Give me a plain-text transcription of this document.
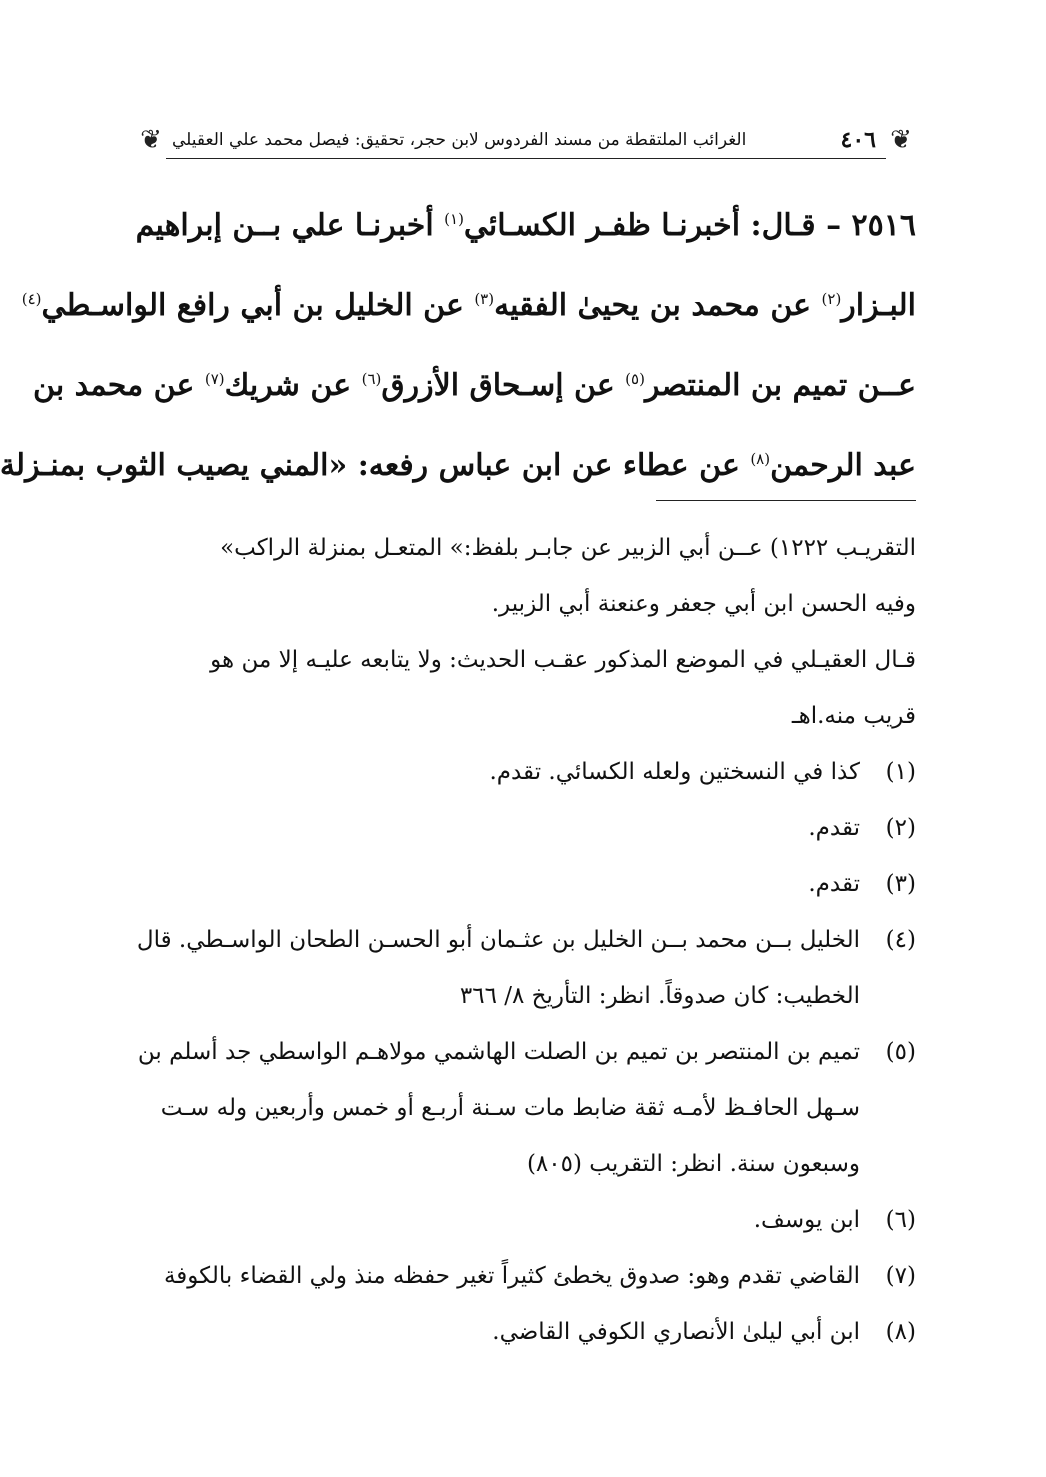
❦
٤٠٦
الغرائب الملتقطة من مسند الفردوس لابن حجر، تحقيق: فيصل محمد علي العقيلي
❦
٢٥١٦ – قـال: أخبرنـا ظفـر الكسـائي$^{(١)}$ أخبرنـا علي بــن إبراهيم
البـزار$^{(٢)}$ عن محمد بن يحيىٰ الفقيه$^{(٣)}$ عن الخليل بن أبي رافع الواسـطي$^{(٤)}$
عــن تميم بن المنتصر$^{(٥)}$ عن إسـحاق الأزرق$^{(٦)}$ عن شريك$^{(٧)}$ عن محمد بن
عبد الرحمن$^{(٨)}$ عن عطاء عن ابن عباس رفعه: «المني يصيب الثوب بمنـزلة
التقريـب ١٢٢٢) عــن أبي الزبير عن جابـر بلفظ:» المتعـل بمنزلة الراكب»
وفيه الحسن ابن أبي جعفر وعنعنة أبي الزبير.
قـال العقيـلي في الموضع المذكور عقـب الحديث: ولا يتابعه عليـه إلا من هو
قريب منه.اهـ
(١)
كذا في النسختين ولعله الكسائي. تقدم.
(٢)
تقدم.
(٣)
تقدم.
(٤)
الخليل بــن محمد بــن الخليل بن عثـمان أبو الحسـن الطحان الواسـطي. قال
الخطيب: كان صدوقاً. انظر: التأريخ ٨/ ٣٦٦
(٥)
تميم بن المنتصر بن تميم بن الصلت الهاشمي مولاهـم الواسطي جد أسلم بن
سـهل الحافـظ لأمـه ثقة ضابط مات سـنة أربـع أو خمس وأربعين وله سـت
وسبعون سنة. انظر: التقريب (٨٠٥)
(٦)
ابن يوسف.
(٧)
القاضي تقدم وهو: صدوق يخطئ كثيراً تغير حفظه منذ ولي القضاء بالكوفة
(٨)
ابن أبي ليلىٰ الأنصاري الكوفي القاضي.
